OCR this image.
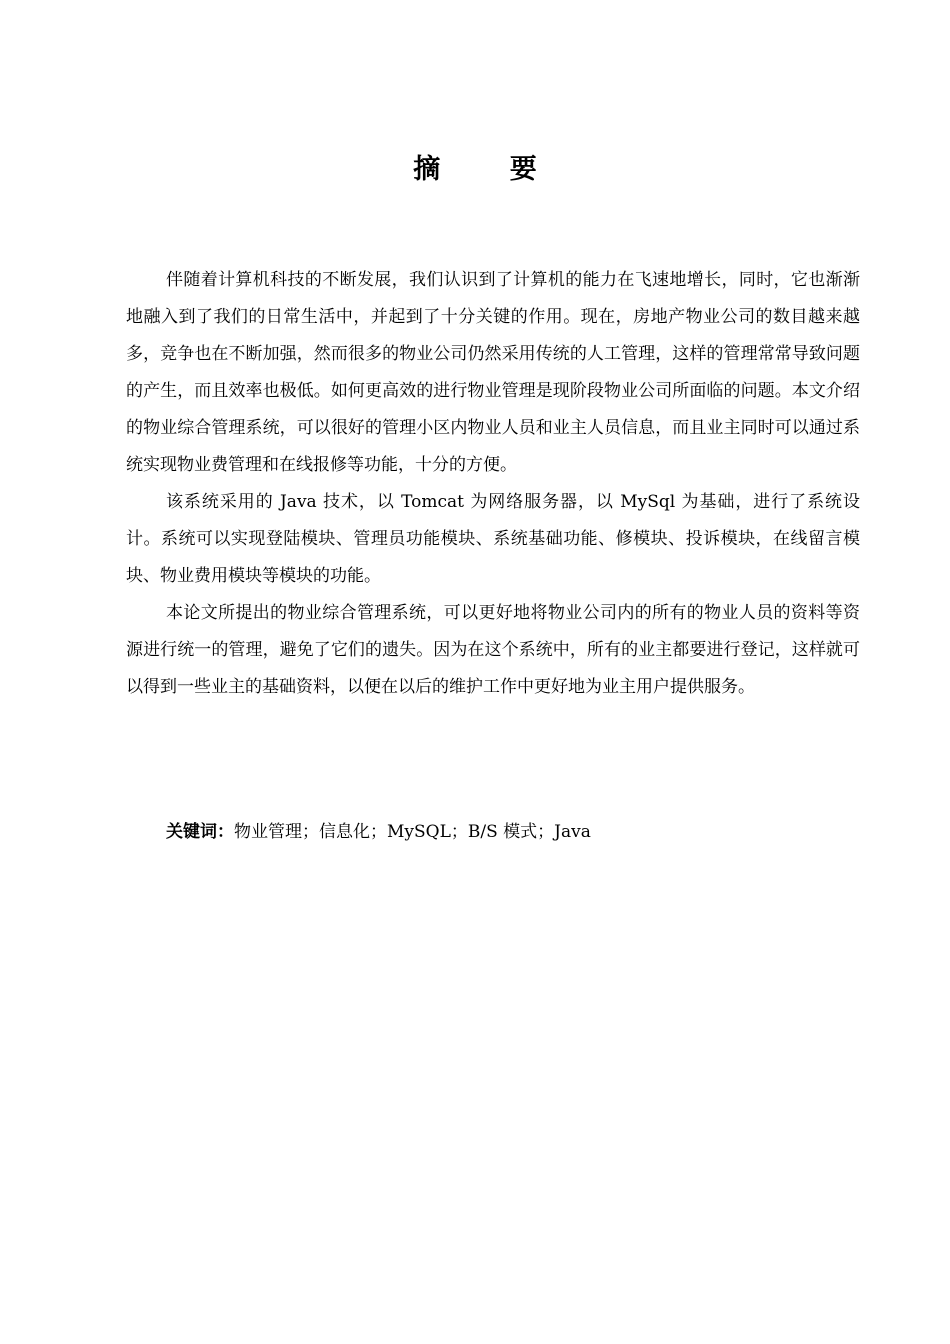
摘 要

伴随着计算机科技的不断发展，我们认识到了计算机的能力在飞速地增长，同时，它也渐渐地融入到了我们的日常生活中，并起到了十分关键的作用。现在，房地产物业公司的数目越来越多，竞争也在不断加强，然而很多的物业公司仍然采用传统的人工管理，这样的管理常常导致问题的产生，而且效率也极低。如何更高效的进行物业管理是现阶段物业公司所面临的问题。本文介绍的物业综合管理系统，可以很好的管理小区内物业人员和业主人员信息，而且业主同时可以通过系统实现物业费管理和在线报修等功能，十分的方便。

该系统采用的 Java 技术，以 Tomcat 为网络服务器，以 MySql 为基础，进行了系统设计。系统可以实现登陆模块、管理员功能模块、系统基础功能、修模块、投诉模块，在线留言模块、物业费用模块等模块的功能。

本论文所提出的物业综合管理系统，可以更好地将物业公司内的所有的物业人员的资料等资源进行统一的管理，避免了它们的遗失。因为在这个系统中，所有的业主都要进行登记，这样就可以得到一些业主的基础资料，以便在以后的维护工作中更好地为业主用户提供服务。

关键词：物业管理；信息化；MySQL；B/S 模式；Java
